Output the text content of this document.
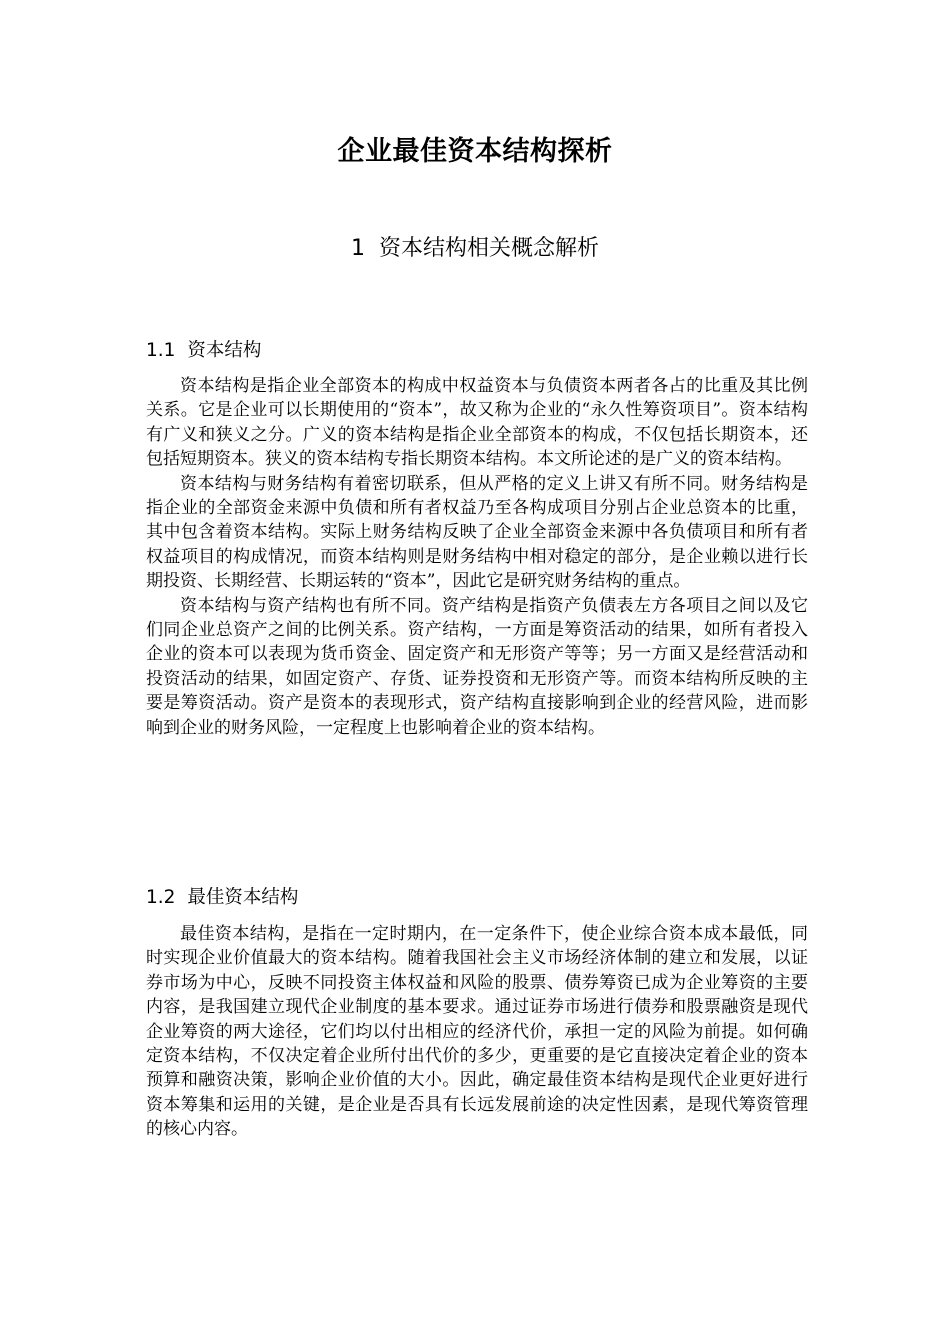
企业最佳资本结构探析
1 资本结构相关概念解析
1.1 资本结构

资本结构是指企业全部资本的构成中权益资本与负债资本两者各占的比重及其比例关系。它是企业可以长期使用的“资本”，故又称为企业的“永久性筹资项目”。资本结构有广义和狭义之分。广义的资本结构是指企业全部资本的构成，不仅包括长期资本，还包括短期资本。狭义的资本结构专指长期资本结构。本文所论述的是广义的资本结构。

资本结构与财务结构有着密切联系，但从严格的定义上讲又有所不同。财务结构是指企业的全部资金来源中负债和所有者权益乃至各构成项目分别占企业总资本的比重，其中包含着资本结构。实际上财务结构反映了企业全部资金来源中各负债项目和所有者权益项目的构成情况，而资本结构则是财务结构中相对稳定的部分，是企业赖以进行长期投资、长期经营、长期运转的“资本”，因此它是研究财务结构的重点。

资本结构与资产结构也有所不同。资产结构是指资产负债表左方各项目之间以及它们同企业总资产之间的比例关系。资产结构，一方面是筹资活动的结果，如所有者投入企业的资本可以表现为货币资金、固定资产和无形资产等等；另一方面又是经营活动和投资活动的结果，如固定资产、存货、证券投资和无形资产等。而资本结构所反映的主要是筹资活动。资产是资本的表现形式，资产结构直接影响到企业的经营风险，进而影响到企业的财务风险，一定程度上也影响着企业的资本结构。

1.2 最佳资本结构

最佳资本结构，是指在一定时期内，在一定条件下，使企业综合资本成本最低，同时实现企业价值最大的资本结构。随着我国社会主义市场经济体制的建立和发展，以证券市场为中心，反映不同投资主体权益和风险的股票、债券筹资已成为企业筹资的主要内容，是我国建立现代企业制度的基本要求。通过证券市场进行债券和股票融资是现代企业筹资的两大途径，它们均以付出相应的经济代价，承担一定的风险为前提。如何确定资本结构，不仅决定着企业所付出代价的多少，更重要的是它直接决定着企业的资本预算和融资决策，影响企业价值的大小。因此，确定最佳资本结构是现代企业更好进行资本筹集和运用的关键，是企业是否具有长远发展前途的决定性因素，是现代筹资管理的核心内容。
